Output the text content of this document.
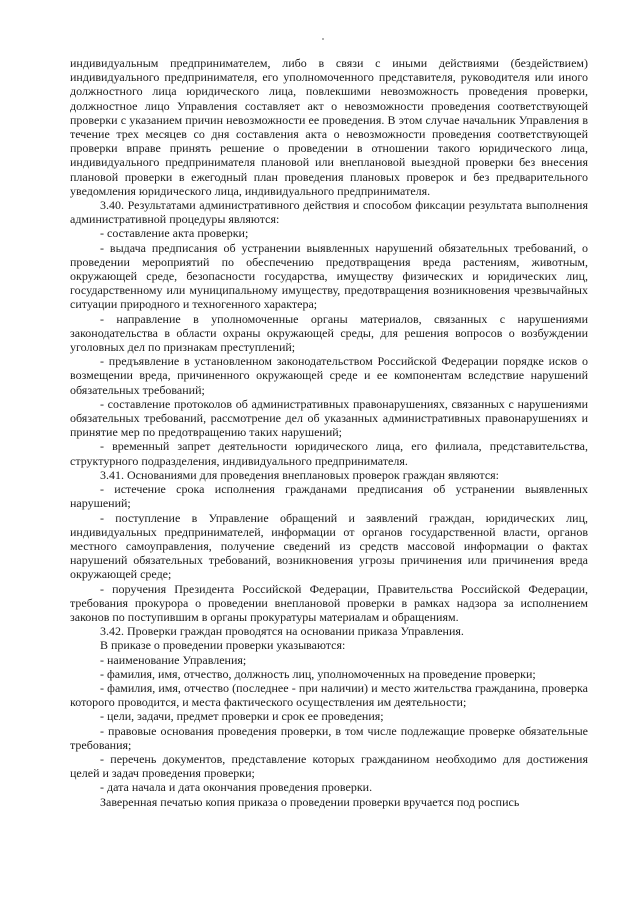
индивидуальным предпринимателем, либо в связи с иными действиями (бездействием) индивидуального предпринимателя, его уполномоченного представителя, руководителя или иного должностного лица юридического лица, повлекшими невозможность проведения проверки, должностное лицо Управления составляет акт о невозможности проведения соответствующей проверки с указанием причин невозможности ее проведения. В этом случае начальник Управления в течение трех месяцев со дня составления акта о невозможности проведения соответствующей проверки вправе принять решение о проведении в отношении такого юридического лица, индивидуального предпринимателя плановой или внеплановой выездной проверки без внесения плановой проверки в ежегодный план проведения плановых проверок и без предварительного уведомления юридического лица, индивидуального предпринимателя.

3.40. Результатами административного действия и способом фиксации результата выполнения административной процедуры являются:

- составление акта проверки;

- выдача предписания об устранении выявленных нарушений обязательных требований, о проведении мероприятий по обеспечению предотвращения вреда растениям, животным, окружающей среде, безопасности государства, имуществу физических и юридических лиц, государственному или муниципальному имуществу, предотвращения возникновения чрезвычайных ситуации природного и техногенного характера;

- направление в уполномоченные органы материалов, связанных с нарушениями законодательства в области охраны окружающей среды, для решения вопросов о возбуждении уголовных дел по признакам преступлений;

- предъявление в установленном законодательством Российской Федерации порядке исков о возмещении вреда, причиненного окружающей среде и ее компонентам вследствие нарушений обязательных требований;

- составление протоколов об административных правонарушениях, связанных с нарушениями обязательных требований, рассмотрение дел об указанных административных правонарушениях и принятие мер по предотвращению таких нарушений;

- временный запрет деятельности юридического лица, его филиала, представительства, структурного подразделения, индивидуального предпринимателя.

3.41. Основаниями для проведения внеплановых проверок граждан являются:

- истечение срока исполнения гражданами предписания об устранении выявленных нарушений;

- поступление в Управление обращений и заявлений граждан, юридических лиц, индивидуальных предпринимателей, информации от органов государственной власти, органов местного самоуправления, получение сведений из средств массовой информации о фактах нарушений обязательных требований, возникновения угрозы причинения или причинения вреда окружающей среде;

- поручения Президента Российской Федерации, Правительства Российской Федерации, требования прокурора о проведении внеплановой проверки в рамках надзора за исполнением законов по поступившим в органы прокуратуры материалам и обращениям.

3.42. Проверки граждан проводятся на основании приказа Управления.

В приказе о проведении проверки указываются:

- наименование Управления;

- фамилия, имя, отчество, должность лиц, уполномоченных на проведение проверки;

- фамилия, имя, отчество (последнее - при наличии) и место жительства гражданина, проверка которого проводится, и места фактического осуществления им деятельности;

- цели, задачи, предмет проверки и срок ее проведения;

- правовые основания проведения проверки, в том числе подлежащие проверке обязательные требования;

- перечень документов, представление которых гражданином необходимо для достижения целей и задач проведения проверки;

- дата начала и дата окончания проведения проверки.

Заверенная печатью копия приказа о проведении проверки вручается под роспись
